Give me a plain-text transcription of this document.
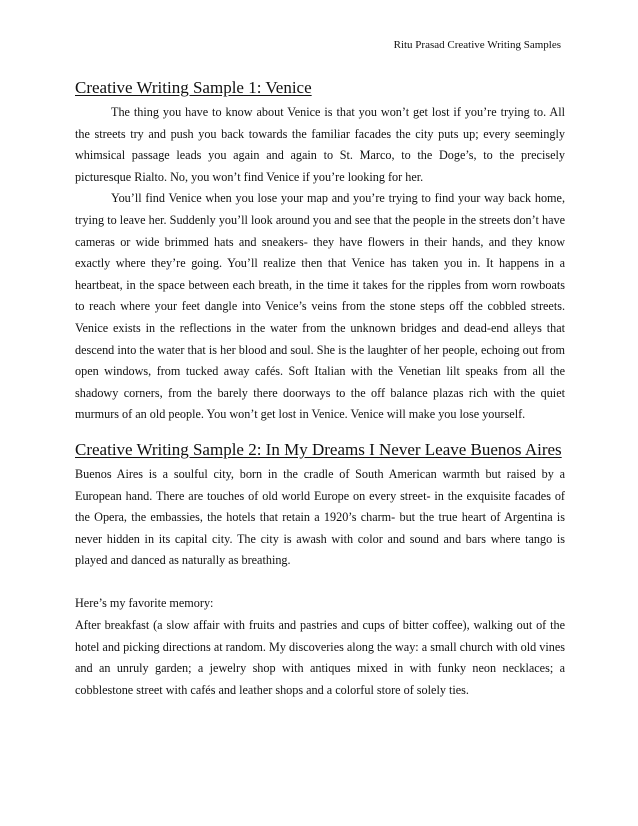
Ritu Prasad Creative Writing Samples
Creative Writing Sample 1: Venice

The thing you have to know about Venice is that you won’t get lost if you’re trying to. All the streets try and push you back towards the familiar facades the city puts up; every seemingly whimsical passage leads you again and again to St. Marco, to the Doge’s, to the precisely picturesque Rialto. No, you won’t find Venice if you’re looking for her.

You’ll find Venice when you lose your map and you’re trying to find your way back home, trying to leave her. Suddenly you’ll look around you and see that the people in the streets don’t have cameras or wide brimmed hats and sneakers- they have flowers in their hands, and they know exactly where they’re going. You’ll realize then that Venice has taken you in. It happens in a heartbeat, in the space between each breath, in the time it takes for the ripples from worn rowboats to reach where your feet dangle into Venice’s veins from the stone steps off the cobbled streets. Venice exists in the reflections in the water from the unknown bridges and dead-end alleys that descend into the water that is her blood and soul. She is the laughter of her people, echoing out from open windows, from tucked away cafés. Soft Italian with the Venetian lilt speaks from all the shadowy corners, from the barely there doorways to the off balance plazas rich with the quiet murmurs of an old people. You won’t get lost in Venice. Venice will make you lose yourself.

Creative Writing Sample 2: In My Dreams I Never Leave Buenos Aires

Buenos Aires is a soulful city, born in the cradle of South American warmth but raised by a European hand. There are touches of old world Europe on every street- in the exquisite facades of the Opera, the embassies, the hotels that retain a 1920’s charm- but the true heart of Argentina is never hidden in its capital city. The city is awash with color and sound and bars where tango is played and danced as naturally as breathing.

Here’s my favorite memory:

After breakfast (a slow affair with fruits and pastries and cups of bitter coffee), walking out of the hotel and picking directions at random. My discoveries along the way: a small church with old vines and an unruly garden; a jewelry shop with antiques mixed in with funky neon necklaces; a cobblestone street with cafés and leather shops and a colorful store of solely ties.
